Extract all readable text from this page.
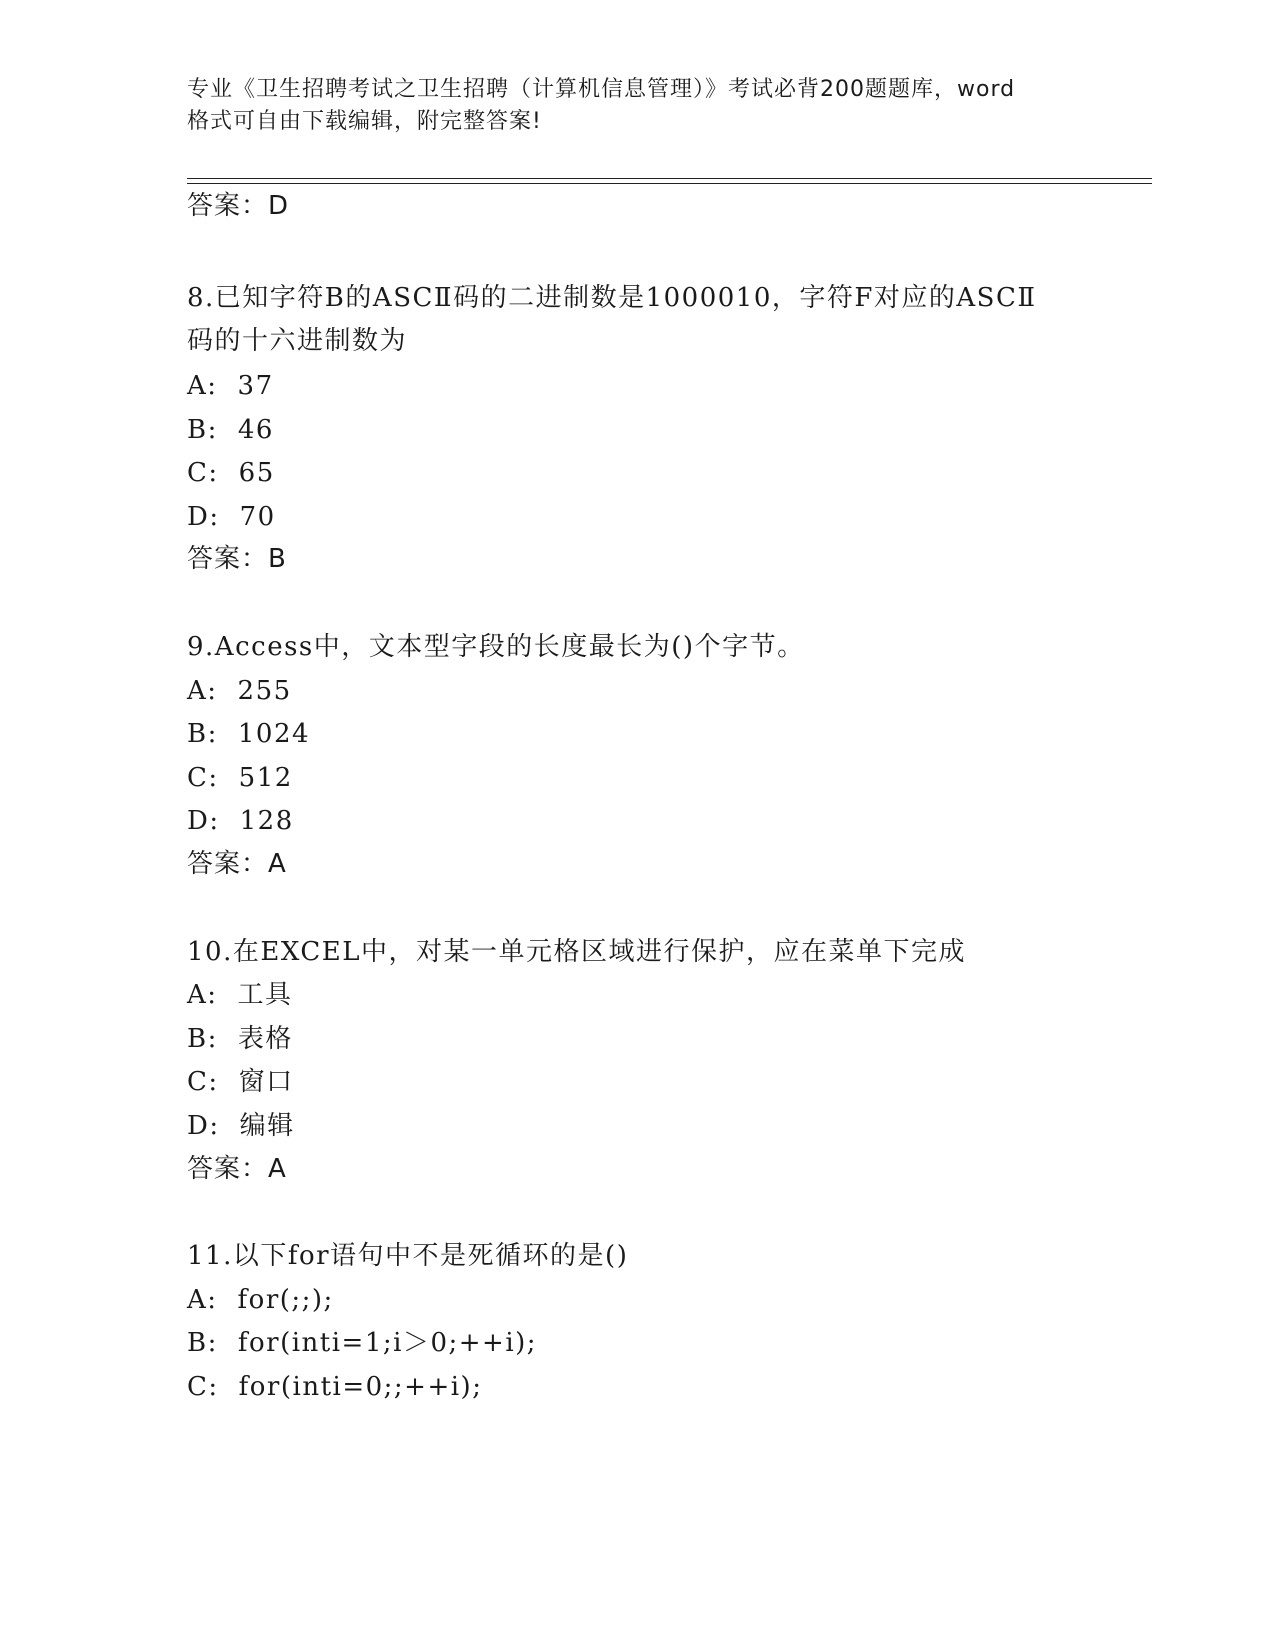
专业《卫生招聘考试之卫生招聘（计算机信息管理）》考试必背200题题库，word
格式可自由下载编辑，附完整答案!
答案：D
8.已知字符B的ASCⅡ码的二进制数是1000010，字符F对应的ASCⅡ
码的十六进制数为
A: 37
B: 46
C: 65
D: 70
答案：B
9.Access中，文本型字段的长度最长为()个字节。
A: 255
B: 1024
C: 512
D: 128
答案：A
10.在EXCEL中，对某一单元格区域进行保护，应在菜单下完成
A: 工具
B: 表格
C: 窗口
D: 编辑
答案：A
11.以下for语句中不是死循环的是()
A: for(;;);
B: for(inti=1;i＞0;++i);
C: for(inti=0;;++i);
